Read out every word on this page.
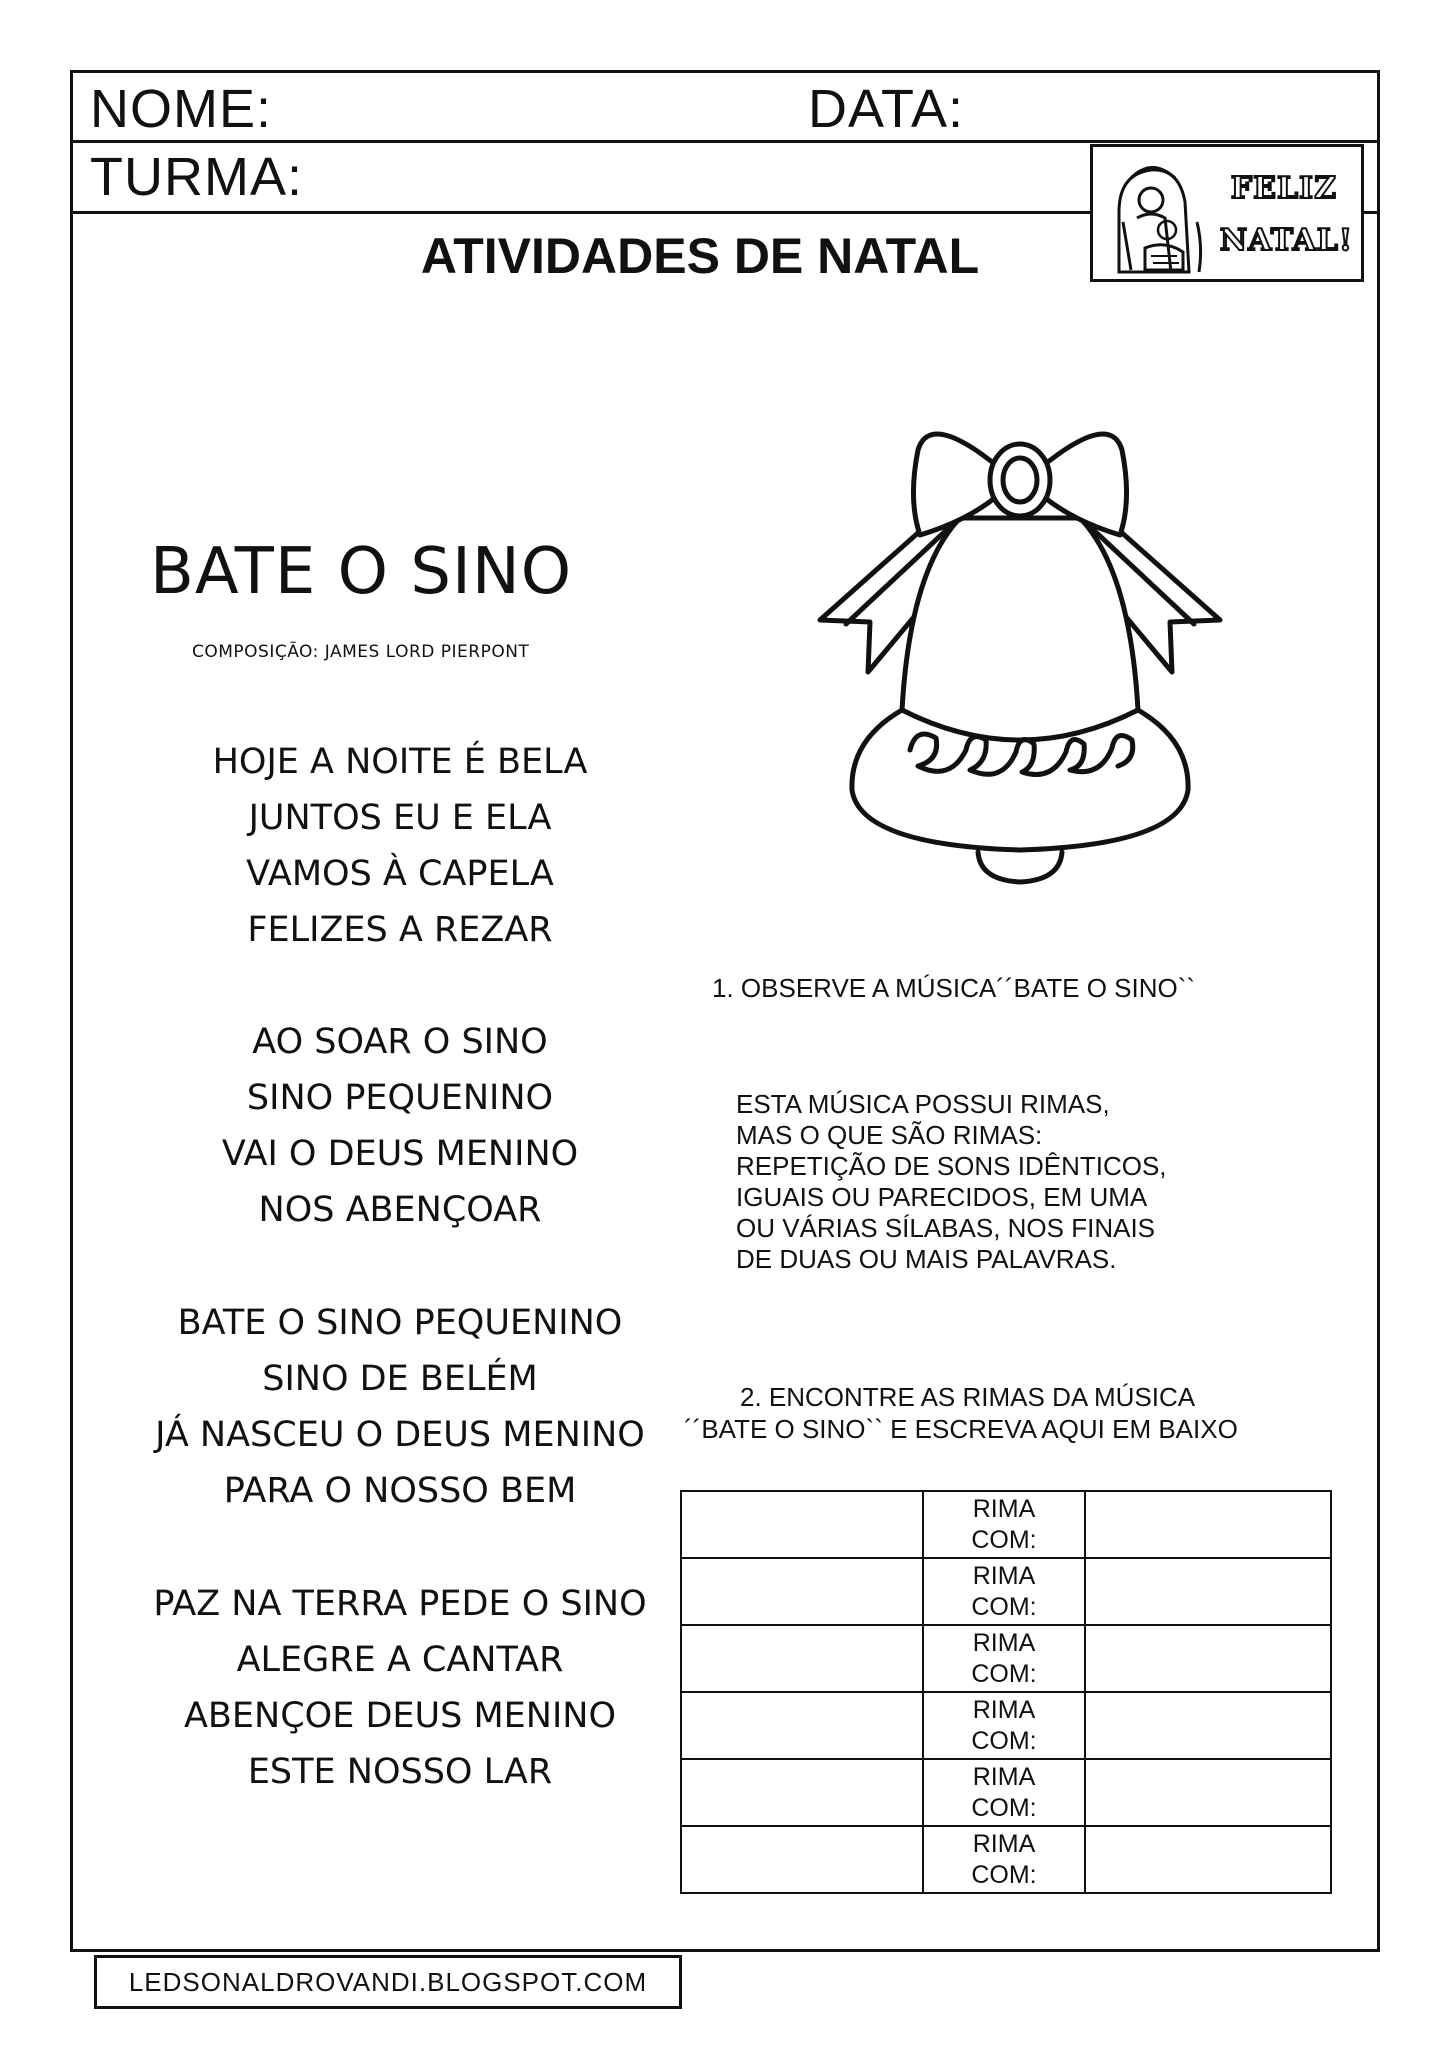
NOME:	DATA:
TURMA:
ATIVIDADES DE NATAL
FELIZ
NATAL!
BATE O SINO
COMPOSIÇÃO: JAMES LORD PIERPONT
HOJE A NOITE É BELA
JUNTOS EU E ELA
VAMOS À CAPELA
FELIZES A REZAR
AO SOAR O SINO
SINO PEQUENINO
VAI O DEUS MENINO
NOS ABENÇOAR
BATE O SINO PEQUENINO
SINO DE BELÉM
JÁ NASCEU O DEUS MENINO
PARA O NOSSO BEM
PAZ NA TERRA PEDE O SINO
ALEGRE A CANTAR
ABENÇOE DEUS MENINO
ESTE NOSSO LAR
1. OBSERVE A MÚSICA´´BATE O SINO``
ESTA MÚSICA POSSUI RIMAS,
MAS O QUE SÃO RIMAS:
REPETIÇÃO DE SONS IDÊNTICOS,
IGUAIS OU PARECIDOS, EM UMA
OU VÁRIAS SÍLABAS, NOS FINAIS
DE DUAS OU MAIS PALAVRAS.
2. ENCONTRE AS RIMAS DA MÚSICA
´´BATE O SINO`` E ESCREVA AQUI EM BAIXO

	RIMA
COM:	

	RIMA
COM:	

	RIMA
COM:	

	RIMA
COM:	

	RIMA
COM:	

	RIMA
COM:	

LEDSONALDROVANDI.BLOGSPOT.COM
